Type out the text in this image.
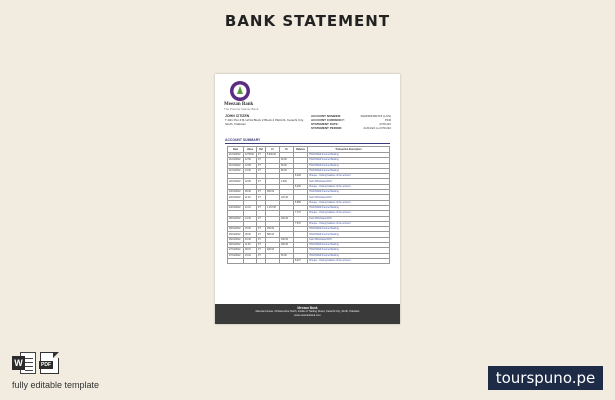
BANK STATEMENT
Meezan Bank
The Premier Islamic Bank
JOHN CITIZEN
T‑921 Plot # B‑12/1A Block 2 Block 2 PECHS, Karachi City, Sindh, Pakistan
ACCOUNT NUMBER:	0924953490715 (LCS)
ACCOUNT CURRENCY:	PKR
STATEMENT DATE:	27/01/22
STATEMENT PERIOD:	21/01/22 to 27/01/22
ACCOUNT SUMMARY
Date	Value	Ref	Cr	Dr	Balance	Transaction Description
21/01/2022	12:55:00	FT	5,000.00			TRANSFER Internet Banking
21/01/2022	12:56	FT		20.00		TRANSFER Internet Banking
21/01/2022	12:58	FT		50.00		TRANSFER Internet Banking
21/01/2022	13:00	FT		80.00		TRANSFER Internet Banking
					8,400	Cheque - Closing balance of the account
22/01/2022	10:05	FT		2,000		Cash Withdrawal ATM
					6,400	Cheque - Closing balance of the account
23/01/2022	09:40	FT	300.00			TRANSFER Internet Banking
23/01/2022	11:20	FT		120.00		Cash Withdrawal ATM
					6,580	Cheque - Closing balance of the account
24/01/2022	12:10	FT	1,167.00			TRANSFER Internet Banking
					7,747	Cheque - Closing balance of the account
25/01/2022	14:30	FT		200.00		Cash Withdrawal ATM
					7,547	Cheque - Closing balance of the account
25/01/2022	15:00	FT	150.00			TRANSFER Internet Banking
26/01/2022	09:00	FT	580.00			TRANSFER Internet Banking
26/01/2022	10:30	FT		100.00		Cash Withdrawal ATM
26/01/2022	11:45	FT		300.00		TRANSFER Internet Banking
27/01/2022	09:15	FT	200.00			TRANSFER Internet Banking
27/01/2022	10:20	FT		50.00		TRANSFER Internet Banking
					8,027	Cheque - Closing balance of the account
Meezan Bank
Meezan House, 20 Executive North, Inside of Trading Street, Karachi City, Sindh, Pakistan
www.meezanbank.com
W	PDF
fully editable template	tourspuno.pe
